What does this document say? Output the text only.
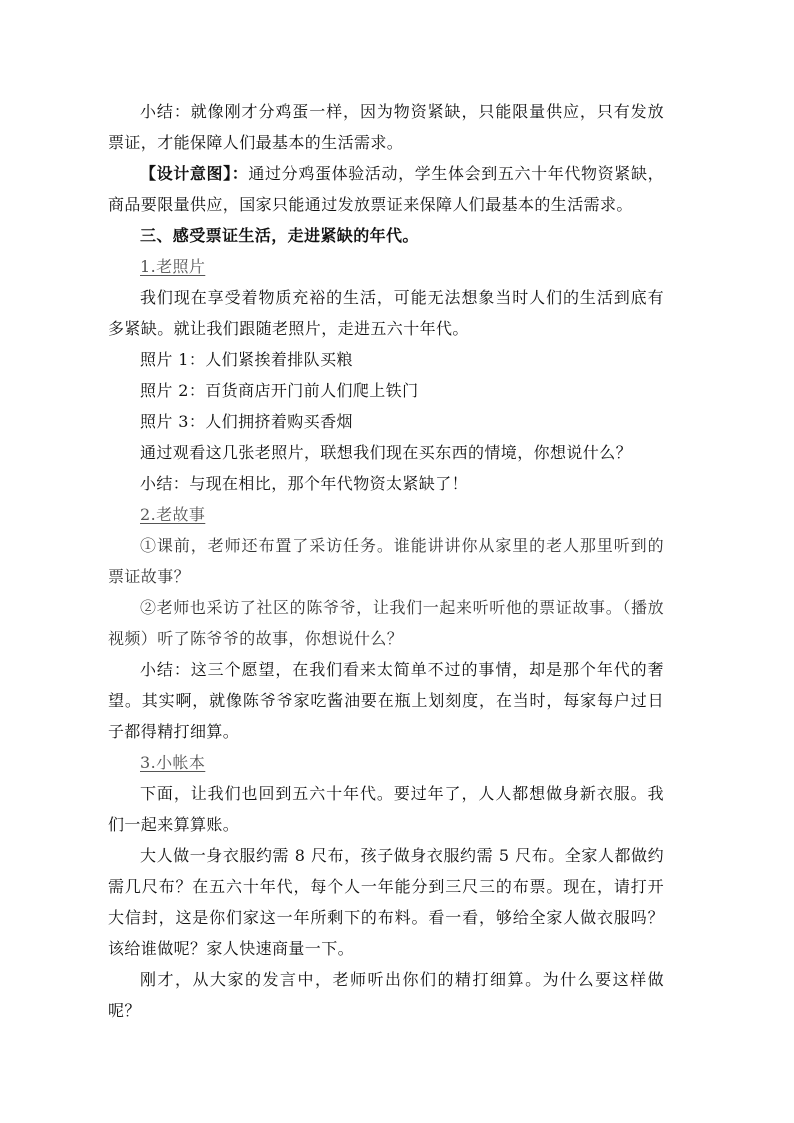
小结：就像刚才分鸡蛋一样，因为物资紧缺，只能限量供应，只有发放票证，才能保障人们最基本的生活需求。

【设计意图】：通过分鸡蛋体验活动，学生体会到五六十年代物资紧缺，商品要限量供应，国家只能通过发放票证来保障人们最基本的生活需求。

三、感受票证生活，走进紧缺的年代。

1.老照片

我们现在享受着物质充裕的生活，可能无法想象当时人们的生活到底有多紧缺。就让我们跟随老照片，走进五六十年代。

照片 1：人们紧挨着排队买粮

照片 2：百货商店开门前人们爬上铁门

照片 3：人们拥挤着购买香烟

通过观看这几张老照片，联想我们现在买东西的情境，你想说什么？

小结：与现在相比，那个年代物资太紧缺了！

2.老故事

①课前，老师还布置了采访任务。谁能讲讲你从家里的老人那里听到的票证故事？

②老师也采访了社区的陈爷爷，让我们一起来听听他的票证故事。（播放视频）听了陈爷爷的故事，你想说什么？

小结：这三个愿望，在我们看来太简单不过的事情，却是那个年代的奢望。其实啊，就像陈爷爷家吃酱油要在瓶上划刻度，在当时，每家每户过日子都得精打细算。

3.小帐本

下面，让我们也回到五六十年代。要过年了，人人都想做身新衣服。我们一起来算算账。

大人做一身衣服约需 8 尺布，孩子做身衣服约需 5 尺布。全家人都做约需几尺布？在五六十年代，每个人一年能分到三尺三的布票。现在，请打开大信封，这是你们家这一年所剩下的布料。看一看，够给全家人做衣服吗？该给谁做呢？家人快速商量一下。

刚才，从大家的发言中，老师听出你们的精打细算。为什么要这样做呢？
